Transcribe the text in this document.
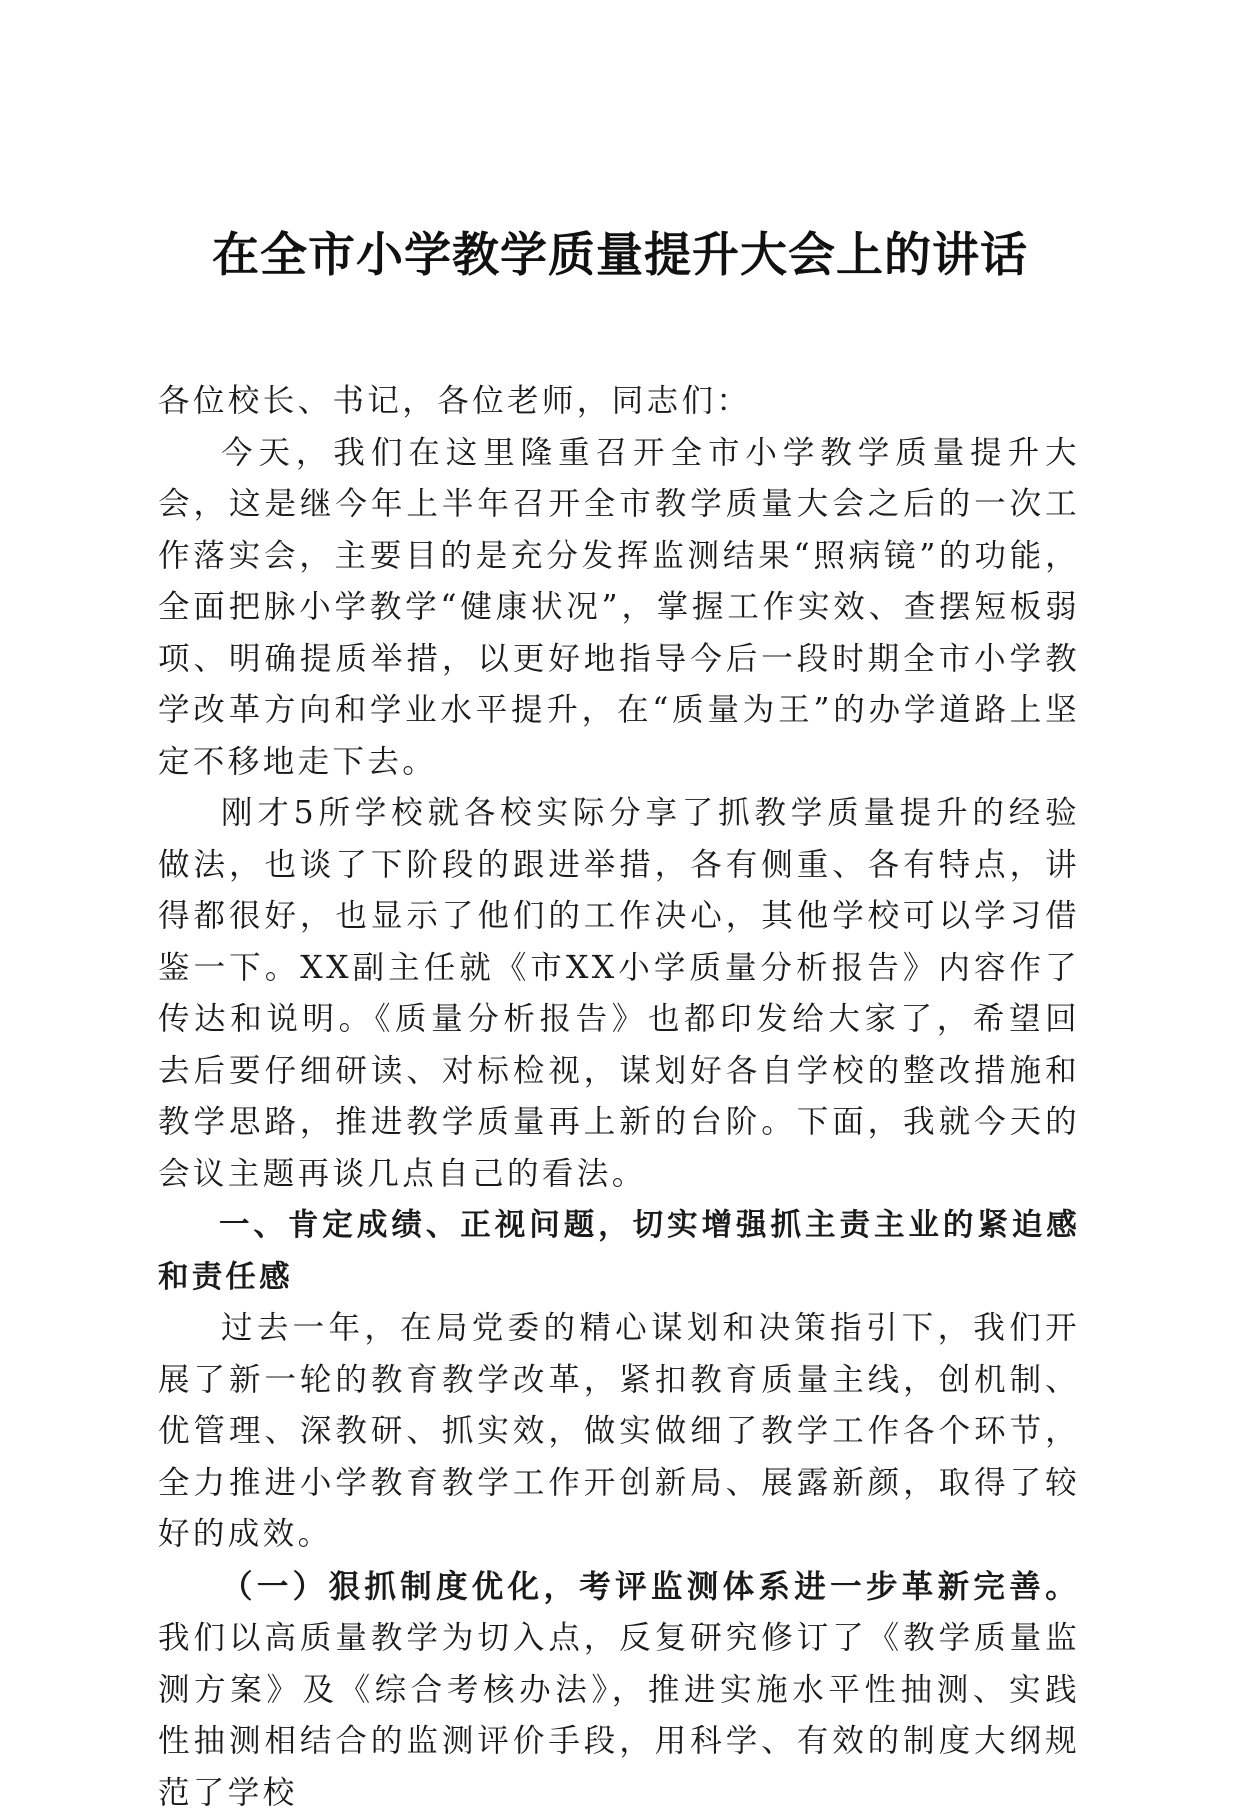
在全市小学教学质量提升大会上的讲话

各位校长、书记，各位老师，同志们：

今天，我们在这里隆重召开全市小学教学质量提升大会，这是继今年上半年召开全市教学质量大会之后的一次工作落实会，主要目的是充分发挥监测结果“照病镜”的功能，全面把脉小学教学“健康状况”，掌握工作实效、查摆短板弱项、明确提质举措，以更好地指导今后一段时期全市小学教学改革方向和学业水平提升，在“质量为王”的办学道路上坚定不移地走下去。

刚才5所学校就各校实际分享了抓教学质量提升的经验做法，也谈了下阶段的跟进举措，各有侧重、各有特点，讲得都很好，也显示了他们的工作决心，其他学校可以学习借鉴一下。XX副主任就《市XX小学质量分析报告》内容作了传达和说明。《质量分析报告》也都印发给大家了，希望回去后要仔细研读、对标检视，谋划好各自学校的整改措施和教学思路，推进教学质量再上新的台阶。下面，我就今天的会议主题再谈几点自己的看法。

一、肯定成绩、正视问题，切实增强抓主责主业的紧迫感和责任感

过去一年，在局党委的精心谋划和决策指引下，我们开展了新一轮的教育教学改革，紧扣教育质量主线，创机制、优管理、深教研、抓实效，做实做细了教学工作各个环节，全力推进小学教育教学工作开创新局、展露新颜，取得了较好的成效。

（一）狠抓制度优化，考评监测体系进一步革新完善。我们以高质量教学为切入点，反复研究修订了《教学质量监测方案》及《综合考核办法》，推进实施水平性抽测、实践性抽测相结合的监测评价手段，用科学、有效的制度大纲规范了学校
